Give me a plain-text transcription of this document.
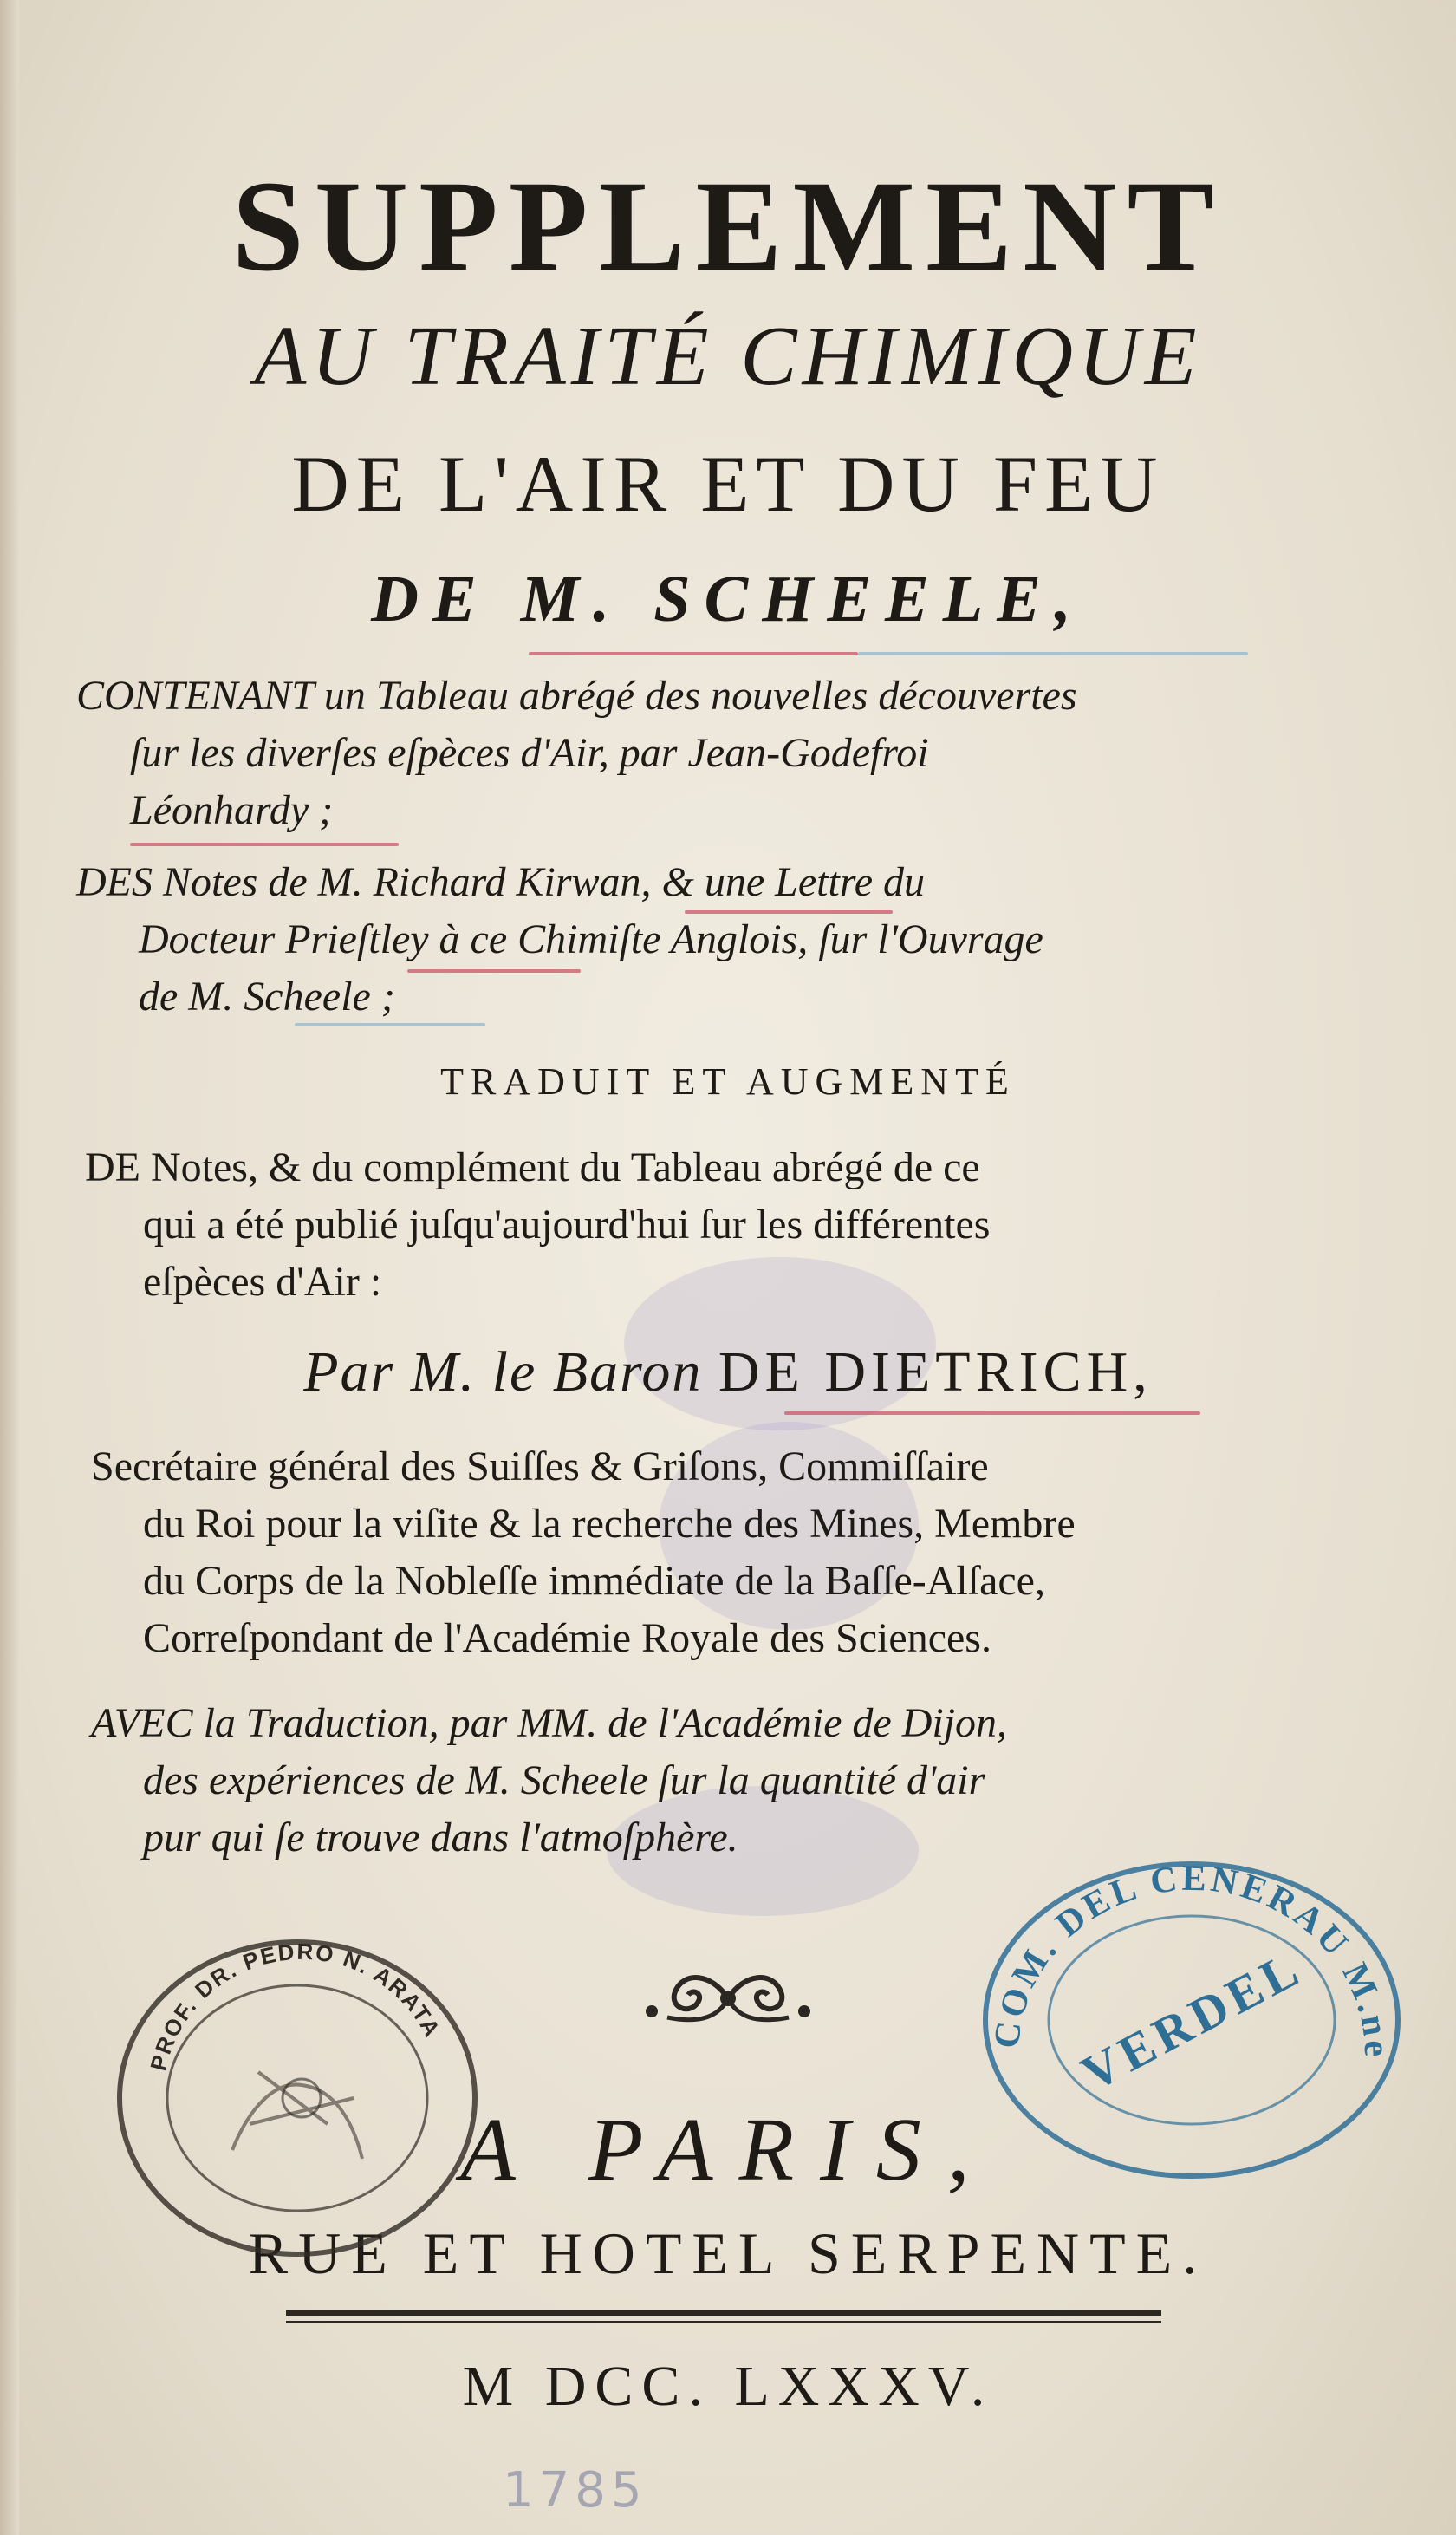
SUPPLEMENT
AU TRAITÉ CHIMIQUE
DE L'AIR ET DU FEU
DE M. SCHEELE,
CONTENANT un Tableau abrégé des nouvelles découvertes
ſur les diverſes eſpèces d'Air, par Jean-Godefroi
Léonhardy ;
DES Notes de M. Richard Kirwan, & une Lettre du
Docteur Prieſtley à ce Chimiſte Anglois, ſur l'Ouvrage
de M. Scheele ;
TRADUIT ET AUGMENTÉ
DE Notes, & du complément du Tableau abrégé de ce
qui a été publié juſqu'aujourd'hui ſur les différentes
eſpèces d'Air :
Par M. le Baron DE DIETRICH,
Secrétaire général des Suiſſes & Griſons, Commiſſaire
du Roi pour la viſite & la recherche des Mines, Membre
du Corps de la Nobleſſe immédiate de la Baſſe-Alſace,
Correſpondant de l'Académie Royale des Sciences.
AVEC la Traduction, par MM. de l'Académie de Dijon,
des expériences de M. Scheele ſur la quantité d'air
pur qui ſe trouve dans l'atmoſphère.
A PARIS,
RUE ET HOTEL SERPENTE.
M DCC. LXXXV.
1785
PROF. DR. PEDRO N. ARATA	COM. DEL CENERAU M.ne
VERDEL
